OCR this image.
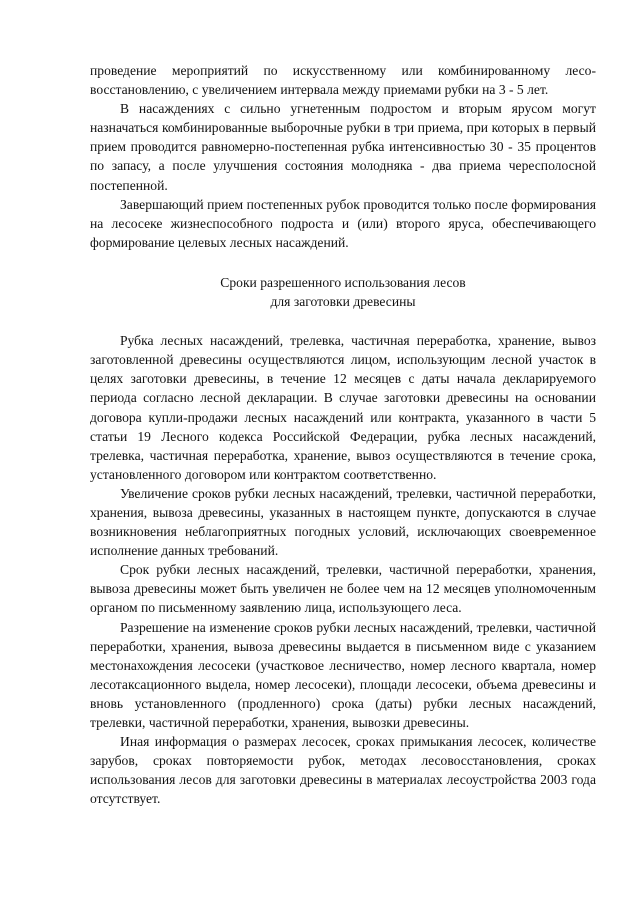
проведение мероприятий по искусственному или комбинированному лесовосстановлению, с увеличением интервала между приемами рубки на 3 - 5 лет.

В насаждениях с сильно угнетенным подростом и вторым ярусом могут назначаться комбинированные выборочные рубки в три приема, при которых в первый прием проводится равномерно-постепенная рубка интенсивностью 30 - 35 процентов по запасу, а после улучшения состояния молодняка - два приема чересполосной постепенной.

Завершающий прием постепенных рубок проводится только после формирования на лесосеке жизнеспособного подроста и (или) второго яруса, обеспечивающего формирование целевых лесных насаждений.

Сроки разрешенного использования лесов
для заготовки древесины

Рубка лесных насаждений, трелевка, частичная переработка, хранение, вывоз заготовленной древесины осуществляются лицом, использующим лесной участок в целях заготовки древесины, в течение 12 месяцев с даты начала декларируемого периода согласно лесной декларации. В случае заготовки древесины на основании договора купли-продажи лесных насаждений или контракта, указанного в части 5 статьи 19 Лесного кодекса Российской Федерации, рубка лесных насаждений, трелевка, частичная переработка, хранение, вывоз осуществляются в течение срока, установленного договором или контрактом соответственно.

Увеличение сроков рубки лесных насаждений, трелевки, частичной переработки, хранения, вывоза древесины, указанных в настоящем пункте, допускаются в случае возникновения неблагоприятных погодных условий, исключающих своевременное исполнение данных требований.

Срок рубки лесных насаждений, трелевки, частичной переработки, хранения, вывоза древесины может быть увеличен не более чем на 12 месяцев уполномоченным органом по письменному заявлению лица, использующего леса.

Разрешение на изменение сроков рубки лесных насаждений, трелевки, частичной переработки, хранения, вывоза древесины выдается в письменном виде с указанием местонахождения лесосеки (участковое лесничество, номер лесного квартала, номер лесотаксационного выдела, номер лесосеки), площади лесосеки, объема древесины и вновь установленного (продленного) срока (даты) рубки лесных насаждений, трелевки, частичной переработки, хранения, вывозки древесины.

Иная информация о размерах лесосек, сроках примыкания лесосек, количестве зарубов, сроках повторяемости рубок, методах лесовосстановления, сроках использования лесов для заготовки древесины в материалах лесоустройства 2003 года отсутствует.
